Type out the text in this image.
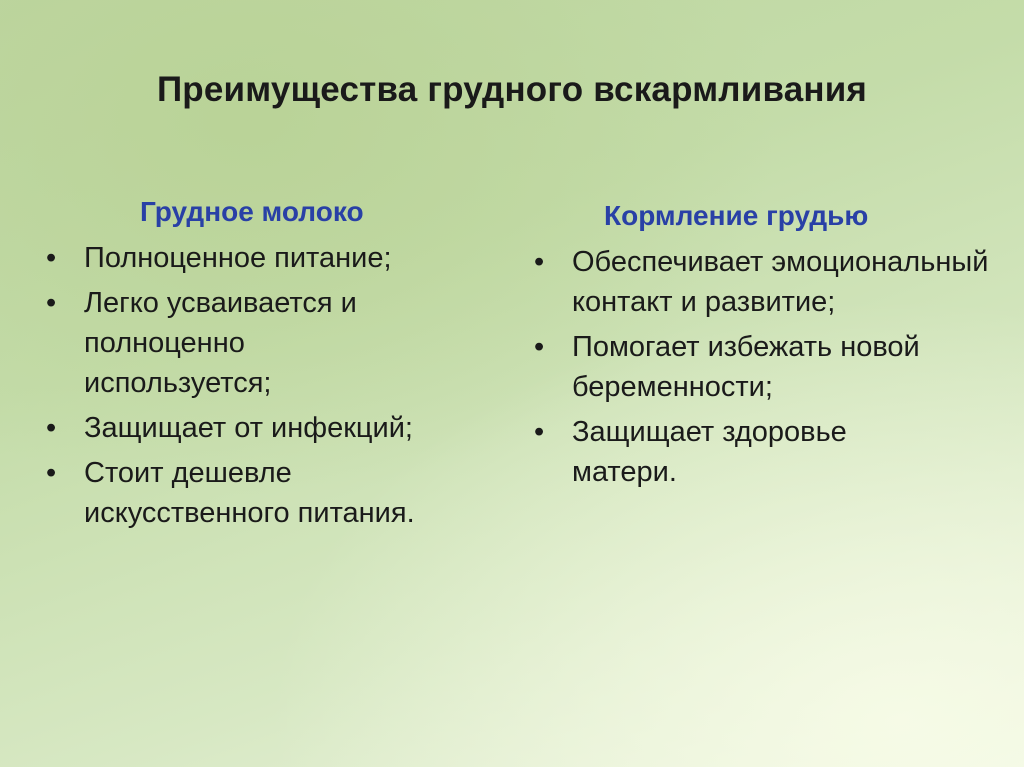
Преимущества грудного вскармливания
Грудное молоко
• Полноценное питание;
• Легко усваивается и полноценно используется;
• Защищает от инфекций;
• Стоит дешевле искусственного питания.
Кормление грудью
• Обеспечивает эмоциональный контакт и развитие;
• Помогает избежать новой беременности;
• Защищает здоровье матери.
